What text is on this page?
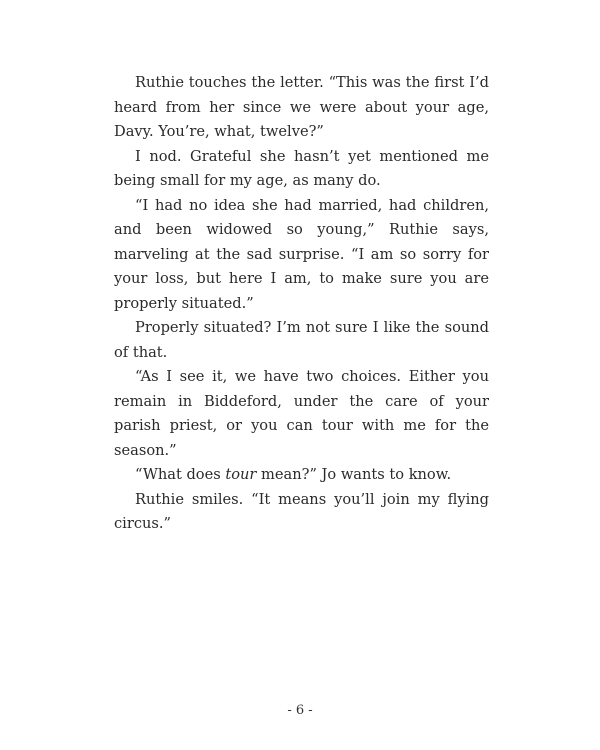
Ruthie touches the letter. “This was the first I’d heard from her since we were about your age, Davy. You’re, what, twelve?”

I nod. Grateful she hasn’t yet mentioned me being small for my age, as many do.

“I had no idea she had married, had children, and been widowed so young,” Ruthie says, marveling at the sad surprise. “I am so sorry for your loss, but here I am, to make sure you are properly situated.”

Properly situated? I’m not sure I like the sound of that.

“As I see it, we have two choices. Either you remain in Biddeford, under the care of your parish priest, or you can tour with me for the season.”

“What does tour mean?” Jo wants to know.

Ruthie smiles. “It means you’ll join my flying circus.”

- 6 -
